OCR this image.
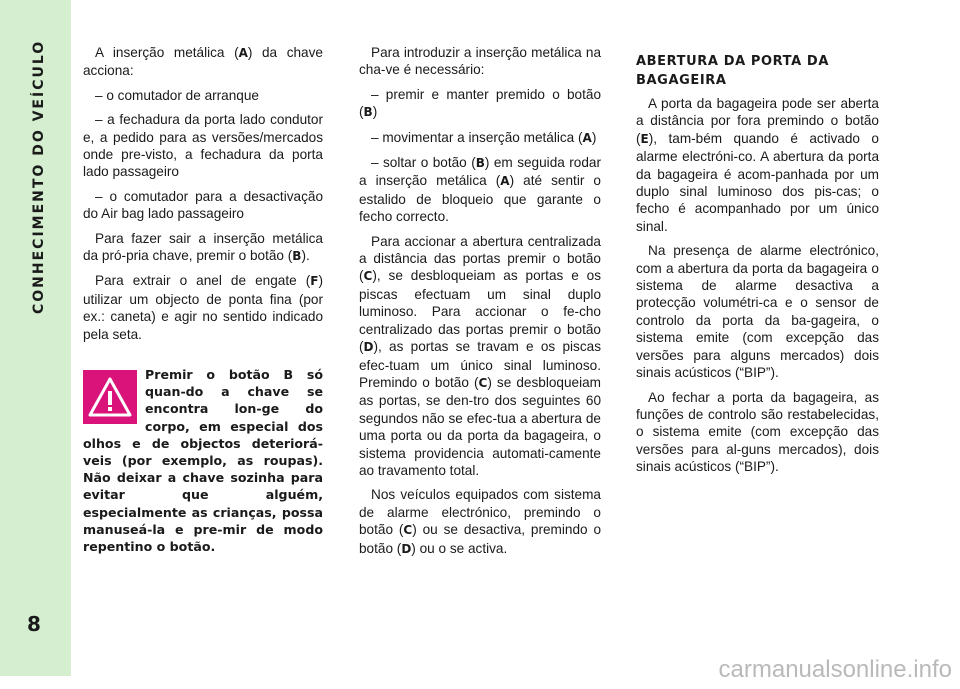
CONHECIMENTO DO VEÍCULO
8

A inserção metálica (A) da chave acciona:

– o comutador de arranque

– a fechadura da porta lado condutor e, a pedido para as versões/mercados onde pre-visto, a fechadura da porta lado passageiro

– o comutador para a desactivação do Air bag lado passageiro

Para fazer sair a inserção metálica da pró-pria chave, premir o botão (B).

Para extrair o anel de engate (F) utilizar um objecto de ponta fina (por ex.: caneta) e agir no sentido indicado pela seta.

Premir o botão B só quan-do a chave se encontra lon-ge do corpo, em especial dos olhos e de objectos deteriorá-veis (por exemplo, as roupas). Não deixar a chave sozinha para evitar que alguém, especialmente as crianças, possa manuseá-la e pre-mir de modo repentino o botão.

Para introduzir a inserção metálica na cha-ve é necessário:

– premir e manter premido o botão (B)

– movimentar a inserção metálica (A)

– soltar o botão (B) em seguida rodar a inserção metálica (A) até sentir o estalido de bloqueio que garante o fecho correcto.

Para accionar a abertura centralizada a distância das portas premir o botão (C), se desbloqueiam as portas e os piscas efectuam um sinal duplo luminoso. Para accionar o fe-cho centralizado das portas premir o botão (D), as portas se travam e os piscas efec-tuam um único sinal luminoso. Premindo o botão (C) se desbloqueiam as portas, se den-tro dos seguintes 60 segundos não se efec-tua a abertura de uma porta ou da porta da bagageira, o sistema providencia automati-camente ao travamento total.

Nos veículos equipados com sistema de alarme electrónico, premindo o botão (C) ou se desactiva, premindo o botão (D) ou o se activa.

ABERTURA DA PORTA DA BAGAGEIRA

A porta da bagageira pode ser aberta a distância por fora premindo o botão (E), tam-bém quando é activado o alarme electróni-co. A abertura da porta da bagageira é acom-panhada por um duplo sinal luminoso dos pis-cas; o fecho é acompanhado por um único sinal.

Na presença de alarme electrónico, com a abertura da porta da bagageira o sistema de alarme desactiva a protecção volumétri-ca e o sensor de controlo da porta da ba-gageira, o sistema emite (com excepção das versões para alguns mercados) dois sinais acústicos (“BIP”).

Ao fechar a porta da bagageira, as funções de controlo são restabelecidas, o sistema emite (com excepção das versões para al-guns mercados), dois sinais acústicos (“BIP”).

carmanualsonline.info
